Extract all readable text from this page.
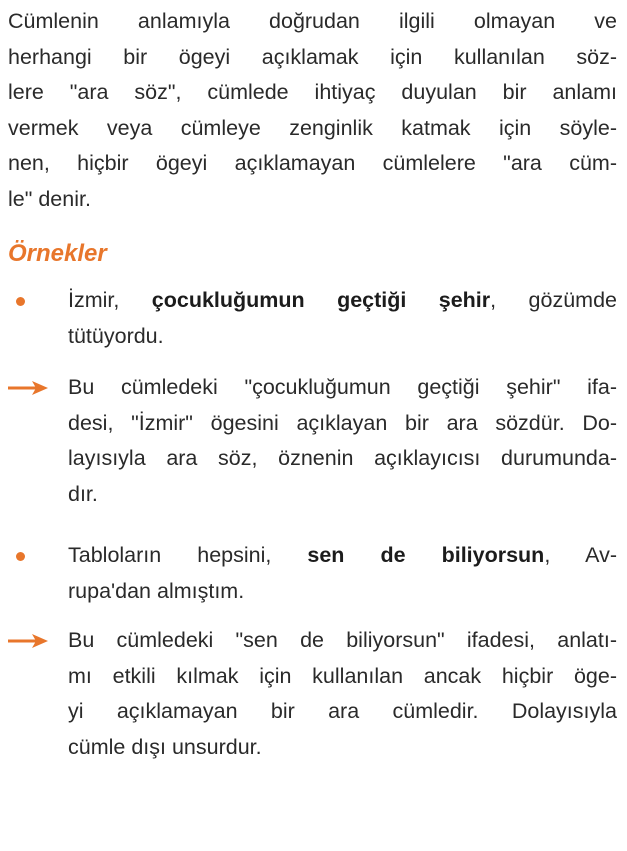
Cümlenin anlamıyla doğrudan ilgili olmayan ve
herhangi bir ögeyi açıklamak için kullanılan söz-
lere "ara söz", cümlede ihtiyaç duyulan bir anlamı
vermek veya cümleye zenginlik katmak için söyle-
nen, hiçbir ögeyi açıklamayan cümlelere "ara cüm-
le" denir.

Örnekler
İzmir, çocukluğumun geçtiği şehir, gözümde
tütüyordu.
Bu cümledeki "çocukluğumun geçtiği şehir" ifa-
desi, "İzmir" ögesini açıklayan bir ara sözdür. Do-
layısıyla ara söz, öznenin açıklayıcısı durumunda-
dır.
Tabloların hepsini, sen de biliyorsun, Av-
rupa'dan almıştım.
Bu cümledeki "sen de biliyorsun" ifadesi, anlatı-
mı etkili kılmak için kullanılan ancak hiçbir öge-
yi açıklamayan bir ara cümledir. Dolayısıyla
cümle dışı unsurdur.
